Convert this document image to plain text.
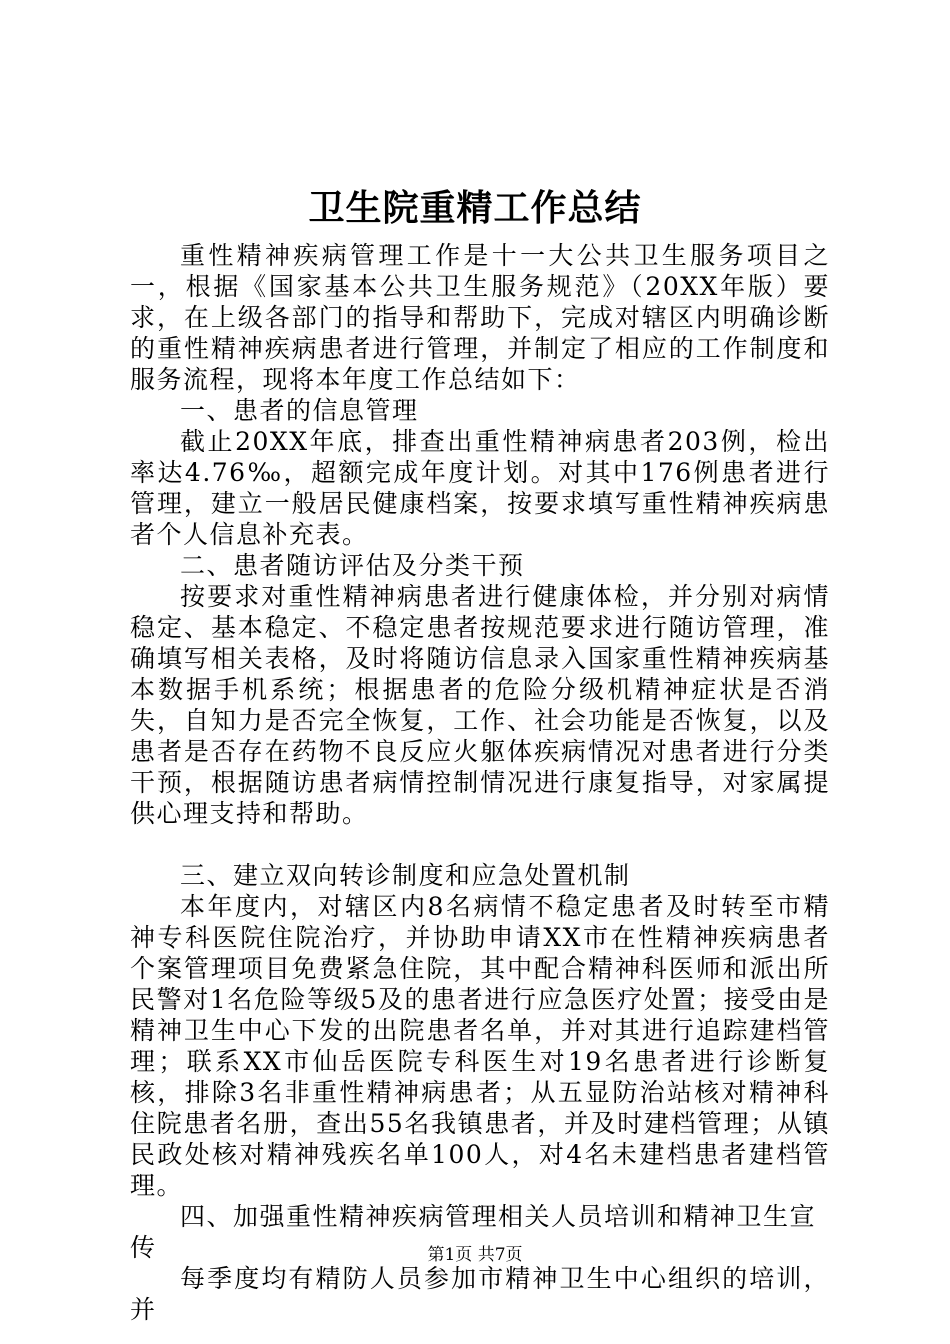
卫生院重精工作总结

重性精神疾病管理工作是十一大公共卫生服务项目之一，根据《国家基本公共卫生服务规范》（20XX年版）要求，在上级各部门的指导和帮助下，完成对辖区内明确诊断的重性精神疾病患者进行管理，并制定了相应的工作制度和服务流程，现将本年度工作总结如下：

一、患者的信息管理

截止20XX年底，排查出重性精神病患者203例，检出率达4.76‰，超额完成年度计划。对其中176例患者进行管理，建立一般居民健康档案，按要求填写重性精神疾病患者个人信息补充表。

二、患者随访评估及分类干预

按要求对重性精神病患者进行健康体检，并分别对病情稳定、基本稳定、不稳定患者按规范要求进行随访管理，准确填写相关表格，及时将随访信息录入国家重性精神疾病基本数据手机系统；根据患者的危险分级机精神症状是否消失，自知力是否完全恢复，工作、社会功能是否恢复，以及患者是否存在药物不良反应火躯体疾病情况对患者进行分类干预，根据随访患者病情控制情况进行康复指导，对家属提供心理支持和帮助。

三、建立双向转诊制度和应急处置机制

本年度内，对辖区内8名病情不稳定患者及时转至市精神专科医院住院治疗，并协助申请XX市在性精神疾病患者个案管理项目免费紧急住院，其中配合精神科医师和派出所民警对1名危险等级5及的患者进行应急医疗处置；接受由是精神卫生中心下发的出院患者名单，并对其进行追踪建档管理；联系XX市仙岳医院专科医生对19名患者进行诊断复核，排除3名非重性精神病患者；从五显防治站核对精神科住院患者名册，查出55名我镇患者，并及时建档管理；从镇民政处核对精神残疾名单100人，对4名未建档患者建档管理。

四、加强重性精神疾病管理相关人员培训和精神卫生宣传

每季度均有精防人员参加市精神卫生中心组织的培训，并

第1页 共7页
